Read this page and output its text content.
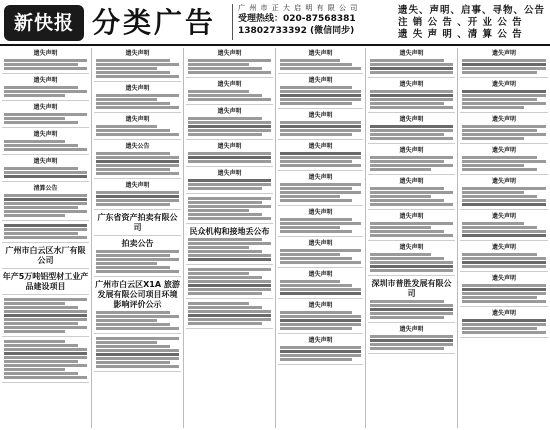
新快报 分类广告	广 州 市 正 大 启 明 有 限 公 司
受理热线：020-87568381
13802733392 (微信同步)
遗失、声明、启事、寻物、公告
注 销 公 告 、开 业 公 告
遗 失 声 明 、清 算 公 告
遗失声明
遗失声明
遗失声明
遗失声明
遗失声明
清算公告
广州市白云区水厂有限公司
年产5万吨铝型材工业产品建设项目
遗失声明
遗失声明
遗失声明
遗失公告
遗失声明
广东省资产拍卖有限公司
拍卖公告
广州市白云区X1A 旅游发展有限公司项目环境影响评价公示
遗失声明
遗失声明
遗失声明
遗失声明
遗失声明
民众机构和接地丢公布
遗失声明
遗失声明
遗失声明
遗失声明
遗失声明
遗失声明
遗失声明
遗失声明
遗失声明
遗失声明
遗失声明
遗失声明
遗失声明
遗失声明
遗失声明
遗失声明
遗失声明
深圳市普胜发展有限公司
遗失声明
遗失声明
遗失声明
遗失声明
遗失声明
遗失声明
遗失声明
遗失声明
遗失声明
遗失声明
